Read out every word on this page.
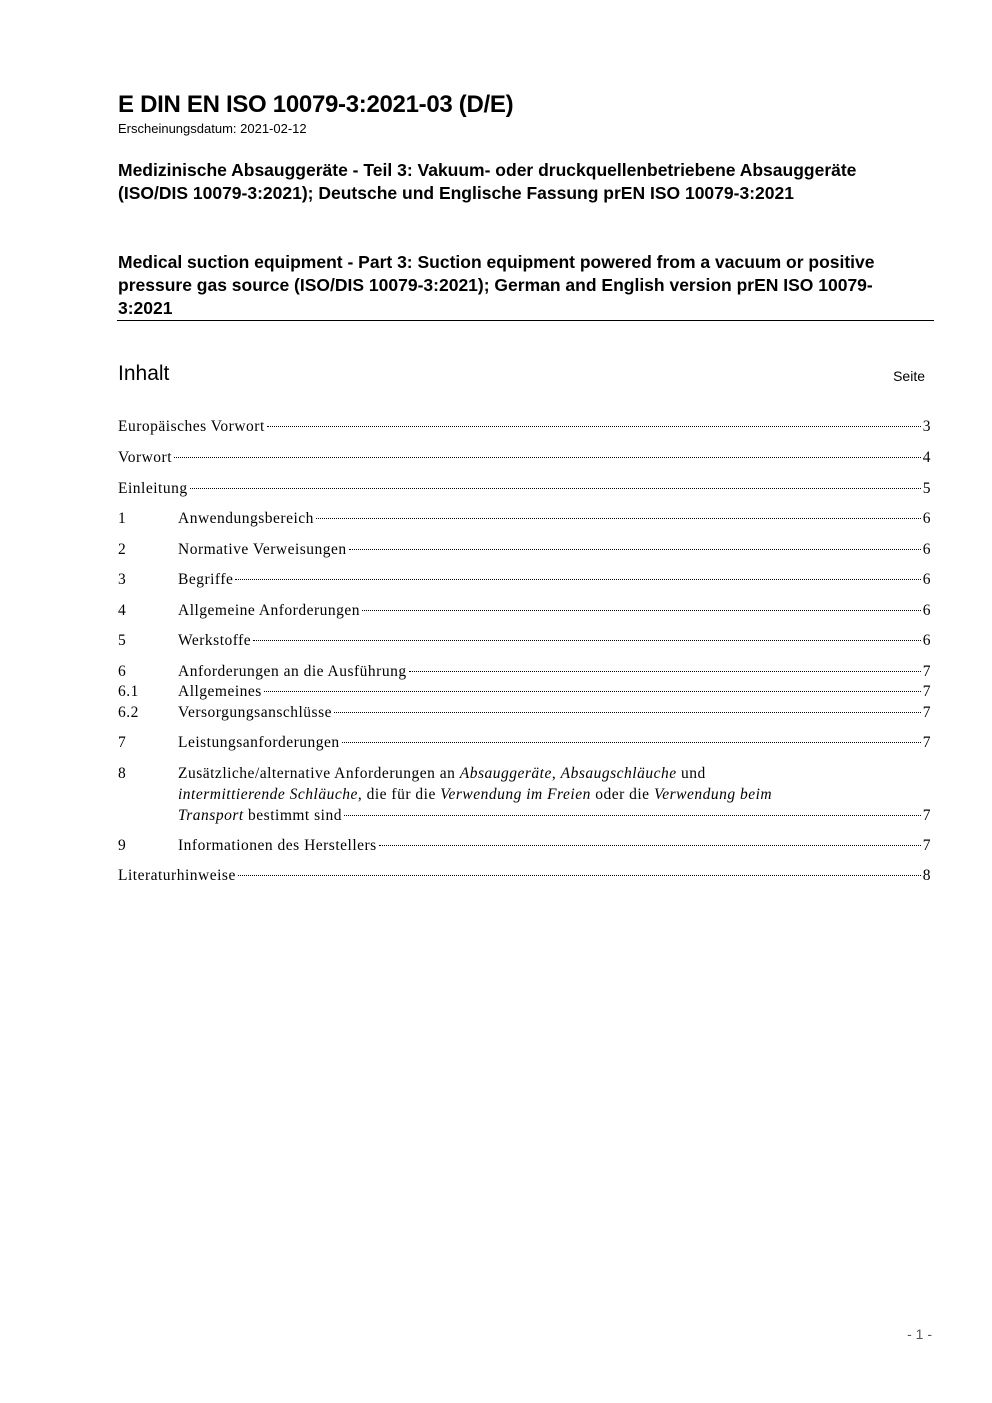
E DIN EN ISO 10079-3:2021-03 (D/E)
Erscheinungsdatum: 2021-02-12
Medizinische Absauggeräte - Teil 3: Vakuum- oder druckquellenbetriebene Absauggeräte (ISO/DIS 10079-3:2021); Deutsche und Englische Fassung prEN ISO 10079-3:2021
Medical suction equipment - Part 3: Suction equipment powered from a vacuum or positive pressure gas source (ISO/DIS 10079-3:2021); German and English version prEN ISO 10079-3:2021
Inhalt	Seite
Europäisches Vorwort	3
Vorwort	4
Einleitung	5
1	Anwendungsbereich	6
2	Normative Verweisungen	6
3	Begriffe	6
4	Allgemeine Anforderungen	6
5	Werkstoffe	6
6	Anforderungen an die Ausführung	7
6.1	Allgemeines	7
6.2	Versorgungsanschlüsse	7
7	Leistungsanforderungen	7
8	Zusätzliche/alternative Anforderungen an Absauggeräte, Absaugschläuche und
intermittierende Schläuche, die für die Verwendung im Freien oder die Verwendung beim
Transport bestimmt sind	7
9	Informationen des Herstellers	7
Literaturhinweise	8
- 1 -
